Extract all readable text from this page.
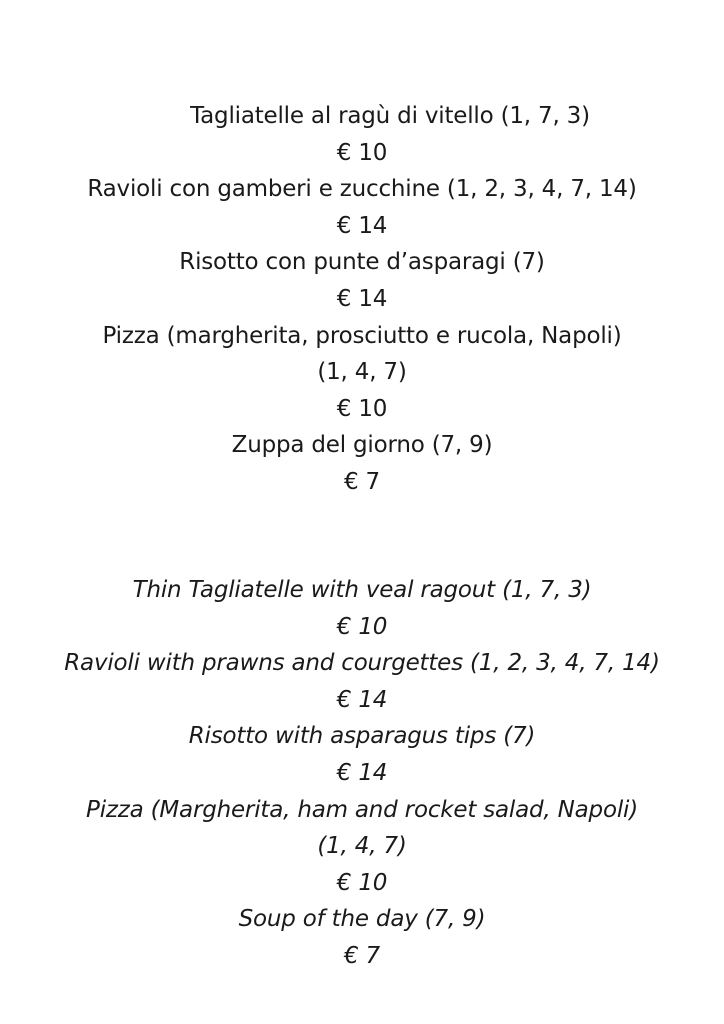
Tagliatelle al ragù di vitello (1, 7, 3)
€ 10
Ravioli con gamberi e zucchine (1, 2, 3, 4, 7, 14)
€ 14
Risotto con punte d’asparagi (7)
€ 14
Pizza (margherita, prosciutto e rucola, Napoli)
(1, 4, 7)
€ 10
Zuppa del giorno (7, 9)
€ 7
Thin Tagliatelle with veal ragout (1, 7, 3)
€ 10
Ravioli with prawns and courgettes (1, 2, 3, 4, 7, 14)
€ 14
Risotto with asparagus tips (7)
€ 14
Pizza (Margherita, ham and rocket salad, Napoli)
(1, 4, 7)
€ 10
Soup of the day (7, 9)
€ 7
